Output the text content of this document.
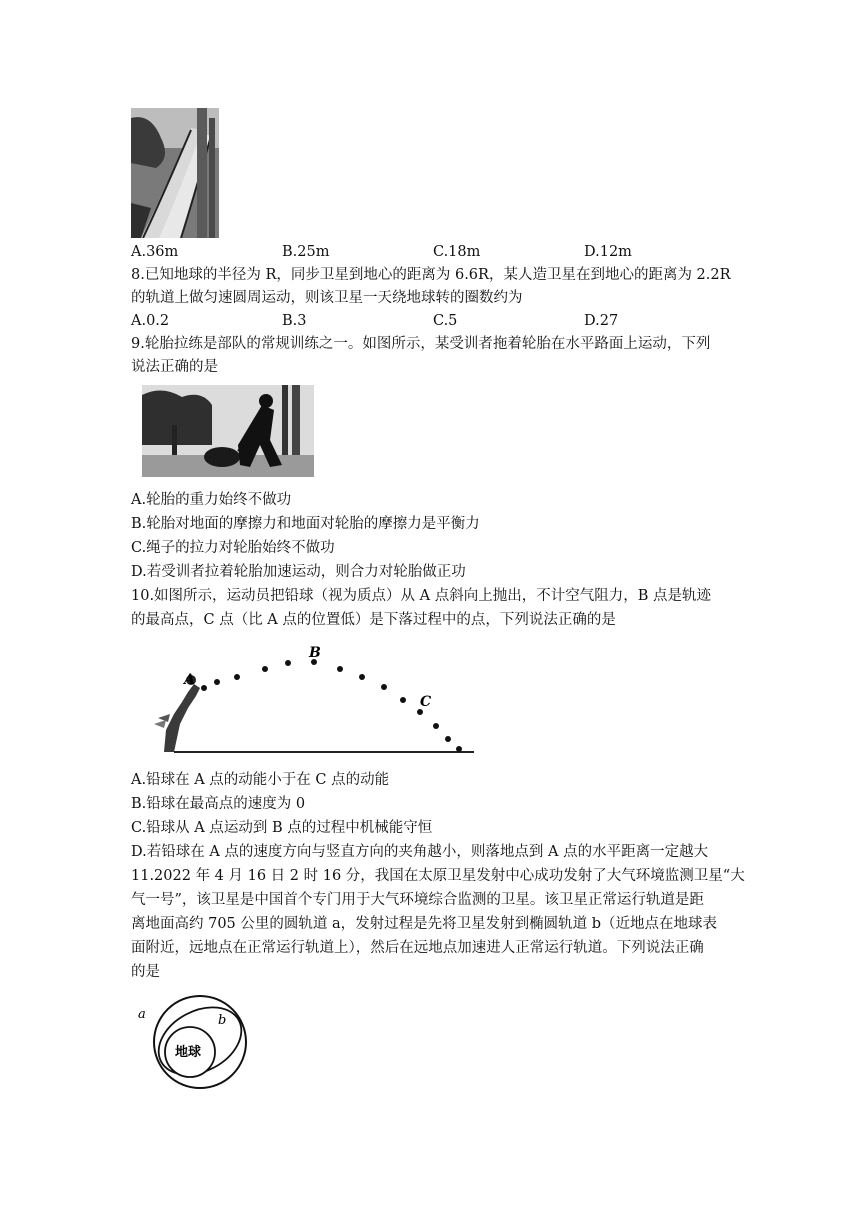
A.36m	B.25m	C.18m	D.12m
8.已知地球的半径为 R，同步卫星到地心的距离为 6.6R，某人造卫星在到地心的距离为 2.2R
的轨道上做匀速圆周运动，则该卫星一天绕地球转的圈数约为
A.0.2	B.3	C.5	D.27
9.轮胎拉练是部队的常规训练之一。如图所示，某受训者拖着轮胎在水平路面上运动，下列
说法正确的是
A.轮胎的重力始终不做功
B.轮胎对地面的摩擦力和地面对轮胎的摩擦力是平衡力
C.绳子的拉力对轮胎始终不做功
D.若受训者拉着轮胎加速运动，则合力对轮胎做正功
10.如图所示，运动员把铅球（视为质点）从 A 点斜向上抛出，不计空气阻力，B 点是轨迹
的最高点，C 点（比 A 点的位置低）是下落过程中的点，下列说法正确的是
A
B
C
A.铅球在 A 点的动能小于在 C 点的动能
B.铅球在最高点的速度为 0
C.铅球从 A 点运动到 B 点的过程中机械能守恒
D.若铅球在 A 点的速度方向与竖直方向的夹角越小，则落地点到 A 点的水平距离一定越大
11.2022 年 4 月 16 日 2 时 16 分，我国在太原卫星发射中心成功发射了大气环境监测卫星“大
气一号”，该卫星是中国首个专门用于大气环境综合监测的卫星。该卫星正常运行轨道是距
离地面高约 705 公里的圆轨道 a，发射过程是先将卫星发射到椭圆轨道 b（近地点在地球表
面附近，远地点在正常运行轨道上），然后在远地点加速进人正常运行轨道。下列说法正确
的是
a	b
地球
